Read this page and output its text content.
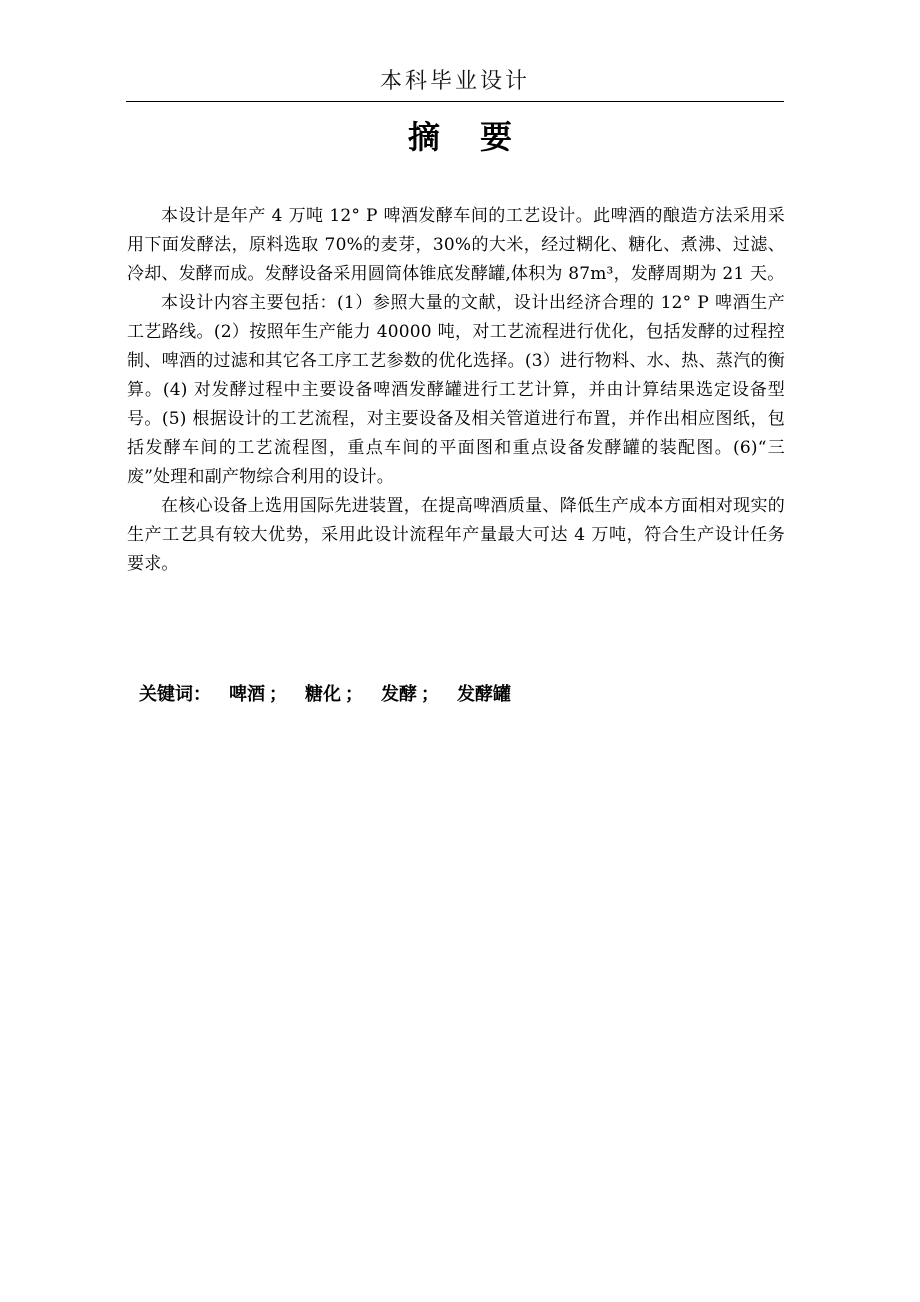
本科毕业设计
摘 要

本设计是年产 4 万吨 12° P 啤酒发酵车间的工艺设计。此啤酒的酿造方法采用采用下面发酵法，原料选取 70%的麦芽，30%的大米，经过糊化、糖化、煮沸、过滤、冷却、发酵而成。发酵设备采用圆筒体锥底发酵罐,体积为 87m³，发酵周期为 21 天。

本设计内容主要包括：(1）参照大量的文献，设计出经济合理的 12° P 啤酒生产工艺路线。(2）按照年生产能力 40000 吨，对工艺流程进行优化，包括发酵的过程控制、啤酒的过滤和其它各工序工艺参数的优化选择。(3）进行物料、水、热、蒸汽的衡算。(4) 对发酵过程中主要设备啤酒发酵罐进行工艺计算，并由计算结果选定设备型号。(5) 根据设计的工艺流程，对主要设备及相关管道进行布置，并作出相应图纸，包括发酵车间的工艺流程图，重点车间的平面图和重点设备发酵罐的装配图。(6)“三废”处理和副产物综合利用的设计。

在核心设备上选用国际先进装置，在提高啤酒质量、降低生产成本方面相对现实的生产工艺具有较大优势，采用此设计流程年产量最大可达 4 万吨，符合生产设计任务要求。

关键词： 啤酒 ； 糖化 ； 发酵 ； 发酵罐
